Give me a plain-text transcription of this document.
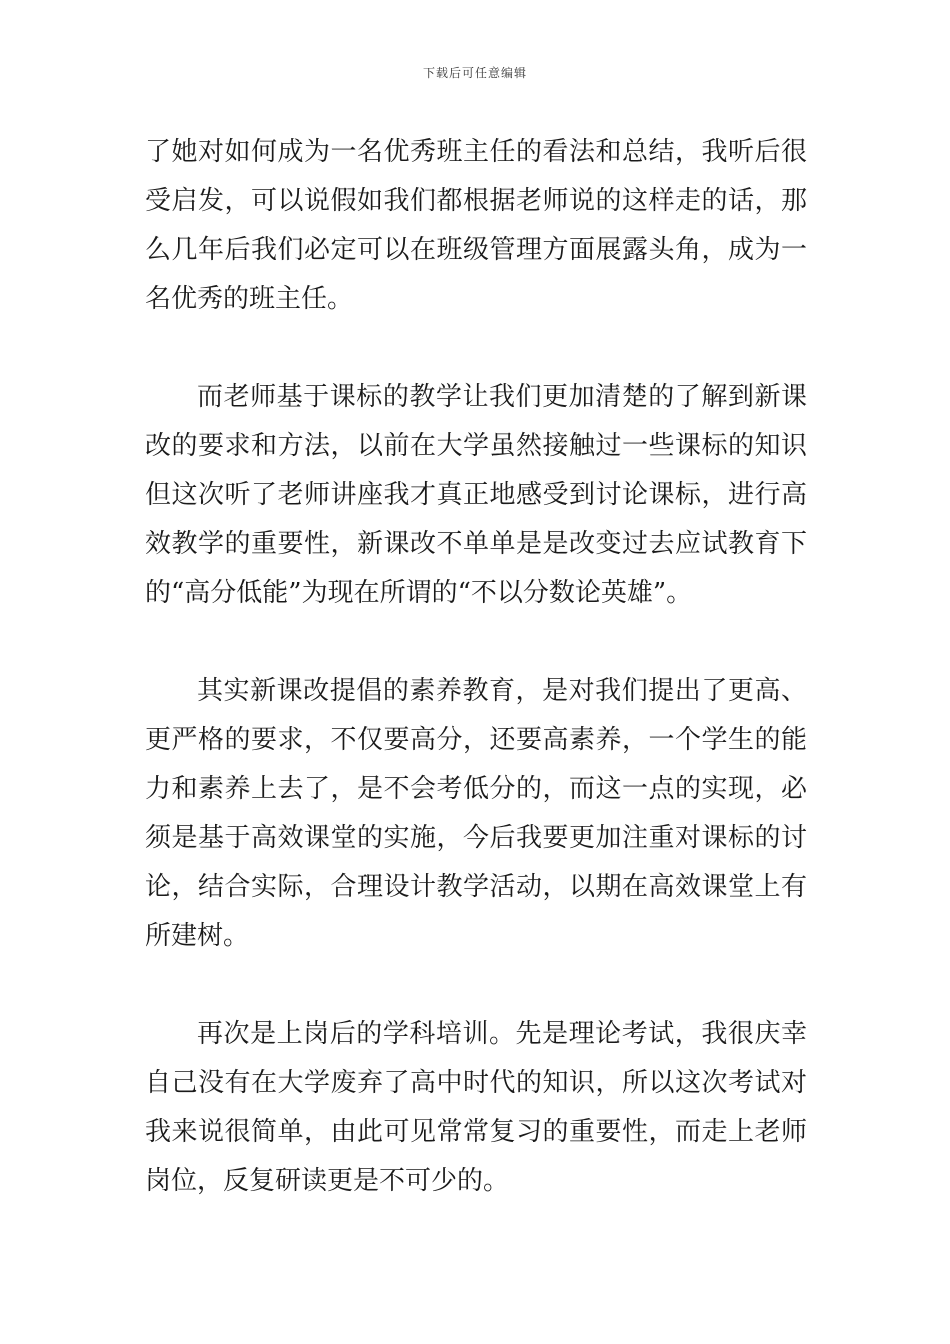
下载后可任意编辑

了她对如何成为一名优秀班主任的看法和总结，我听后很受启发，可以说假如我们都根据老师说的这样走的话，那么几年后我们必定可以在班级管理方面展露头角，成为一名优秀的班主任。

而老师基于课标的教学让我们更加清楚的了解到新课改的要求和方法，以前在大学虽然接触过一些课标的知识但这次听了老师讲座我才真正地感受到讨论课标，进行高效教学的重要性，新课改不单单是是改变过去应试教育下的“高分低能”为现在所谓的“不以分数论英雄”。

其实新课改提倡的素养教育，是对我们提出了更高、更严格的要求，不仅要高分，还要高素养，一个学生的能力和素养上去了，是不会考低分的，而这一点的实现，必须是基于高效课堂的实施，今后我要更加注重对课标的讨论，结合实际，合理设计教学活动，以期在高效课堂上有所建树。

再次是上岗后的学科培训。先是理论考试，我很庆幸自己没有在大学废弃了高中时代的知识，所以这次考试对我来说很简单，由此可见常常复习的重要性，而走上老师岗位，反复研读更是不可少的。
